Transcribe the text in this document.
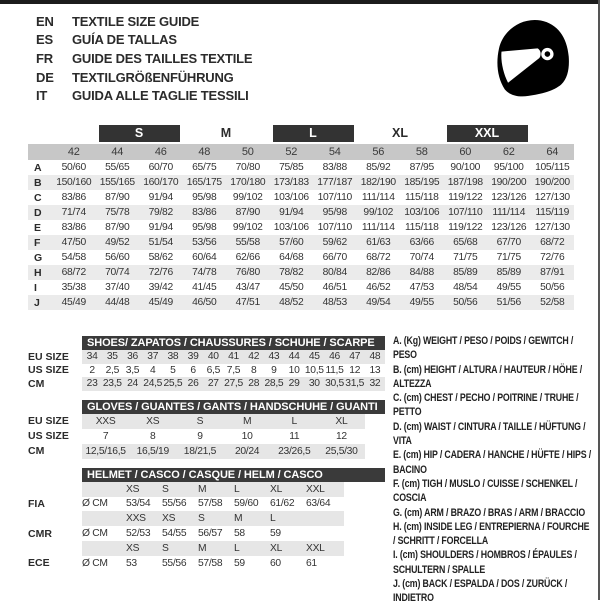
EN	TEXTILE SIZE GUIDE
ES	GUÍA DE TALLAS
FR	GUIDE DES TAILLES TEXTILE
DE	TEXTILGRÖßENFÜHRUNG
IT	GUIDA ALLE TAGLIE TESSILI
S	M	L	XL	XXL
42	44	46	48	50	52	54	56	58	60	62	64
A	50/60	55/65	60/70	65/75	70/80	75/85	83/88	85/92	87/95	90/100	95/100	105/115
B	150/160 155/165 160/170 165/175 170/180 173/183 177/187 182/190 185/195 187/198 190/200 190/200
C	83/86	87/90	91/94	95/98	99/102	103/106 107/110 111/114 115/118 119/122 123/126 127/130
D	71/74	75/78	79/82	83/86	87/90	91/94	95/98	99/102	103/106 107/110 111/114 115/119
E	83/86	87/90	91/94	95/98	99/102	103/106 107/110 111/114 115/118 119/122 123/126 127/130
F	47/50	49/52	51/54	53/56	55/58	57/60	59/62	61/63	63/66	65/68	67/70	68/72
G	54/58	56/60	58/62	60/64	62/66	64/68	66/70	68/72	70/74	71/75	71/75	72/76
H	68/72	70/74	72/76	74/78	76/80	78/82	80/84	82/86	84/88	85/89	85/89	87/91
I	35/38	37/40	39/42	41/45	43/47	45/50	46/51	46/52	47/53	48/54	49/55	50/56
J	45/49	44/48	45/49	46/50	47/51	48/52	48/53	49/54	49/55	50/56	51/56	52/58
SHOES/ ZAPATOS / CHAUSSURES / SCHUHE / SCARPE
EU SIZE	34 35 36 37 38 39 40 41 42 43 44 45 46 47 48
US SIZE	2	2,5 3,5	4	5	6	6,5 7,5	8	9	10 10,5 11,5 12 13
CM	23 23,5 24 24,5 25,5 26 27 27,5 28 28,5 29 30 30,5 31,5 32
GLOVES / GUANTES / GANTS / HANDSCHUHE / GUANTI
EU SIZE	XXS	XS	S	M	L	XL
US SIZE	7	8	9	10	11	12
CM	12,5/16,5	16,5/19	18/21,5	20/24	23/26,5	25,5/30
HELMET / CASCO / CASQUE / HELM / CASCO
XS	S	M	L	XL	XXL
FIA	Ø CM	53/54	55/56	57/58	59/60	61/62	63/64
XXS	XS	S	M	L
CMR	Ø CM	52/53	54/55	56/57	58	59
XS	S	M	L	XL	XXL
ECE	Ø CM	53	55/56	57/58	59	60	61
A. (Kg) WEIGHT / PESO / POIDS / GEWITCH / PESO
B. (cm) HEIGHT / ALTURA / HAUTEUR / HÖHE / ALTEZZA
C. (cm) CHEST / PECHO / POITRINE / TRUHE / PETTO
D. (cm) WAIST / CINTURA / TAILLE / HÜFTUNG / VITA
E. (cm) HIP / CADERA / HANCHE / HÜFTE / HIPS / BACINO
F. (cm) TIGH / MUSLO / CUISSE / SCHENKEL / COSCIA
G. (cm) ARM / BRAZO / BRAS / ARM / BRACCIO
H. (cm) INSIDE LEG / ENTREPIERNA / FOURCHE / SCHRITT / FORCELLA
I. (cm) SHOULDERS / HOMBROS / ÉPAULES / SCHULTERN / SPALLE
J. (cm) BACK / ESPALDA / DOS / ZURÜCK / INDIETRO
